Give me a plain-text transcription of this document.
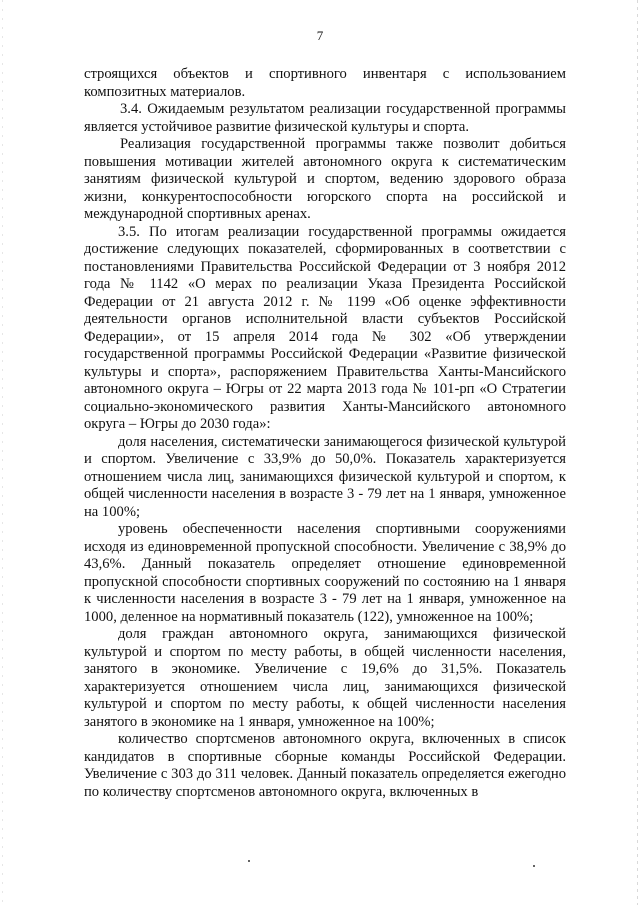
7

строящихся объектов и спортивного инвентаря с использованием композитных материалов.

3.4. Ожидаемым результатом реализации государственной программы является устойчивое развитие физической культуры и спорта.

Реализация государственной программы также позволит добиться повышения мотивации жителей автономного округа к систематическим занятиям физической культурой и спортом, ведению здорового образа жизни, конкурентоспособности югорского спорта на российской и международной спортивных аренах.

3.5. По итогам реализации государственной программы ожидается достижение следующих показателей, сформированных в соответствии с постановлениями Правительства Российской Федерации от 3 ноября 2012 года № 1142 «О мерах по реализации Указа Президента Российской Федерации от 21 августа 2012 г. № 1199 «Об оценке эффективности деятельности органов исполнительной власти субъектов Российской Федерации», от 15 апреля 2014 года № 302 «Об утверждении государственной программы Российской Федерации «Развитие физической культуры и спорта», распоряжением Правительства Ханты-Мансийского автономного округа – Югры от 22 марта 2013 года № 101-рп «О Стратегии социально-экономического развития Ханты-Мансийского автономного округа – Югры до 2030 года»:

доля населения, систематически занимающегося физической культурой и спортом. Увеличение с 33,9% до 50,0%. Показатель характеризуется отношением числа лиц, занимающихся физической культурой и спортом, к общей численности населения в возрасте 3 - 79 лет на 1 января, умноженное на 100%;

уровень обеспеченности населения спортивными сооружениями исходя из единовременной пропускной способности. Увеличение с 38,9% до 43,6%. Данный показатель определяет отношение единовременной пропускной способности спортивных сооружений по состоянию на 1 января к численности населения в возрасте 3 - 79 лет на 1 января, умноженное на 1000, деленное на нормативный показатель (122), умноженное на 100%;

доля граждан автономного округа, занимающихся физической культурой и спортом по месту работы, в общей численности населения, занятого в экономике. Увеличение с 19,6% до 31,5%. Показатель характеризуется отношением числа лиц, занимающихся физической культурой и спортом по месту работы, к общей численности населения занятого в экономике на 1 января, умноженное на 100%;

количество спортсменов автономного округа, включенных в список кандидатов в спортивные сборные команды Российской Федерации. Увеличение с 303 до 311 человек. Данный показатель определяется ежегодно по количеству спортсменов автономного округа, включенных в
